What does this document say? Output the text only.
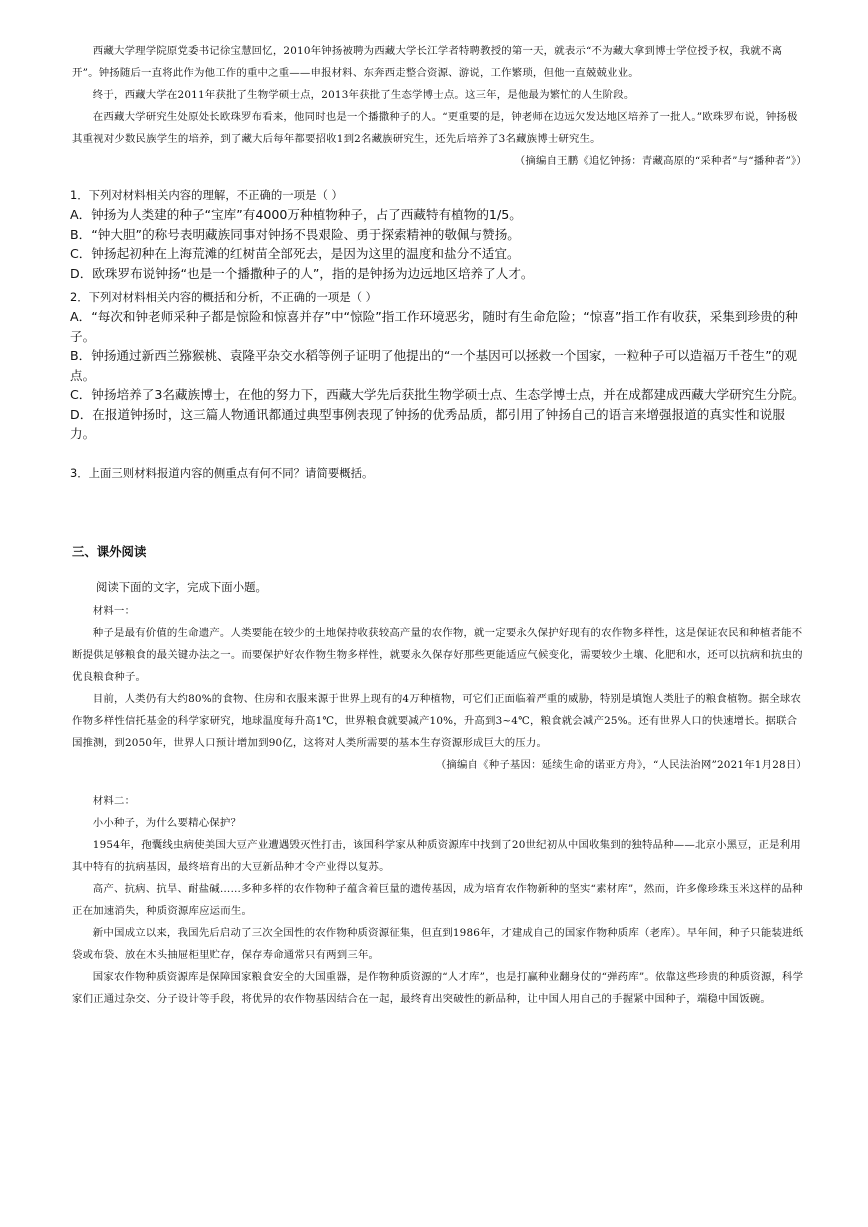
西藏大学理学院原党委书记徐宝慧回忆，2010年钟扬被聘为西藏大学长江学者特聘教授的第一天，就表示“不为藏大拿到博士学位授予权，我就不离开”。钟扬随后一直将此作为他工作的重中之重——申报材料、东奔西走整合资源、游说，工作繁琐，但他一直兢兢业业。

终于，西藏大学在2011年获批了生物学硕士点，2013年获批了生态学博士点。这三年，是他最为繁忙的人生阶段。

在西藏大学研究生处原处长欧珠罗布看来，他同时也是一个播撒种子的人。“更重要的是，钟老师在边远欠发达地区培养了一批人。”欧珠罗布说，钟扬极其重视对少数民族学生的培养，到了藏大后每年都要招收1到2名藏族研究生，还先后培养了3名藏族博士研究生。

（摘编自王鹏《追忆钟扬：青藏高原的“采种者”与“播种者”》）

1．下列对材料相关内容的理解，不正确的一项是（ ）

A．钟扬为人类建的种子“宝库”有4000万种植物种子，占了西藏特有植物的1/5。

B．“钟大胆”的称号表明藏族同事对钟扬不畏艰险、勇于探索精神的敬佩与赞扬。

C．钟扬起初种在上海荒滩的红树苗全部死去，是因为这里的温度和盐分不适宜。

D．欧珠罗布说钟扬“也是一个播撒种子的人”，指的是钟扬为边远地区培养了人才。

2．下列对材料相关内容的概括和分析，不正确的一项是（ ）

A．“每次和钟老师采种子都是惊险和惊喜并存”中“惊险”指工作环境恶劣，随时有生命危险；“惊喜”指工作有收获，采集到珍贵的种子。

B．钟扬通过新西兰猕猴桃、袁隆平杂交水稻等例子证明了他提出的“一个基因可以拯救一个国家，一粒种子可以造福万千苍生”的观点。

C．钟扬培养了3名藏族博士，在他的努力下，西藏大学先后获批生物学硕士点、生态学博士点，并在成都建成西藏大学研究生分院。

D．在报道钟扬时，这三篇人物通讯都通过典型事例表现了钟扬的优秀品质，都引用了钟扬自己的语言来增强报道的真实性和说服力。

3．上面三则材料报道内容的侧重点有何不同？请简要概括。

三、课外阅读
阅读下面的文字，完成下面小题。

材料一：

种子是最有价值的生命遗产。人类要能在较少的土地保持收获较高产量的农作物，就一定要永久保护好现有的农作物多样性，这是保证农民和种植者能不断提供足够粮食的最关键办法之一。而要保护好农作物生物多样性，就要永久保存好那些更能适应气候变化，需要较少土壤、化肥和水，还可以抗病和抗虫的优良粮食种子。

目前，人类仍有大约80%的食物、住房和衣服来源于世界上现有的4万种植物，可它们正面临着严重的威胁，特别是填饱人类肚子的粮食植物。据全球农作物多样性信托基金的科学家研究，地球温度每升高1℃，世界粮食就要减产10%，升高到3~4℃，粮食就会减产25%。还有世界人口的快速增长。据联合国推测，到2050年，世界人口预计增加到90亿，这将对人类所需要的基本生存资源形成巨大的压力。

（摘编自《种子基因：延续生命的诺亚方舟》，“人民法治网”2021年1月28日）

材料二：

小小种子，为什么要精心保护？

1954年，孢囊线虫病使美国大豆产业遭遇毁灭性打击，该国科学家从种质资源库中找到了20世纪初从中国收集到的独特品种——北京小黑豆，正是利用其中特有的抗病基因，最终培育出的大豆新品种才令产业得以复苏。

高产、抗病、抗旱、耐盐碱……多种多样的农作物种子蕴含着巨量的遗传基因，成为培育农作物新种的坚实“素材库”，然而，许多像珍珠玉米这样的品种正在加速消失，种质资源库应运而生。

新中国成立以来，我国先后启动了三次全国性的农作物种质资源征集，但直到1986年，才建成自己的国家作物种质库（老库）。早年间，种子只能装进纸袋或布袋、放在木头抽屉柜里贮存，保存寿命通常只有两到三年。

国家农作物种质资源库是保障国家粮食安全的大国重器，是作物种质资源的“人才库”，也是打赢种业翻身仗的“弹药库”。依靠这些珍贵的种质资源，科学家们正通过杂交、分子设计等手段，将优异的农作物基因结合在一起，最终育出突破性的新品种，让中国人用自己的手握紧中国种子，端稳中国饭碗。
